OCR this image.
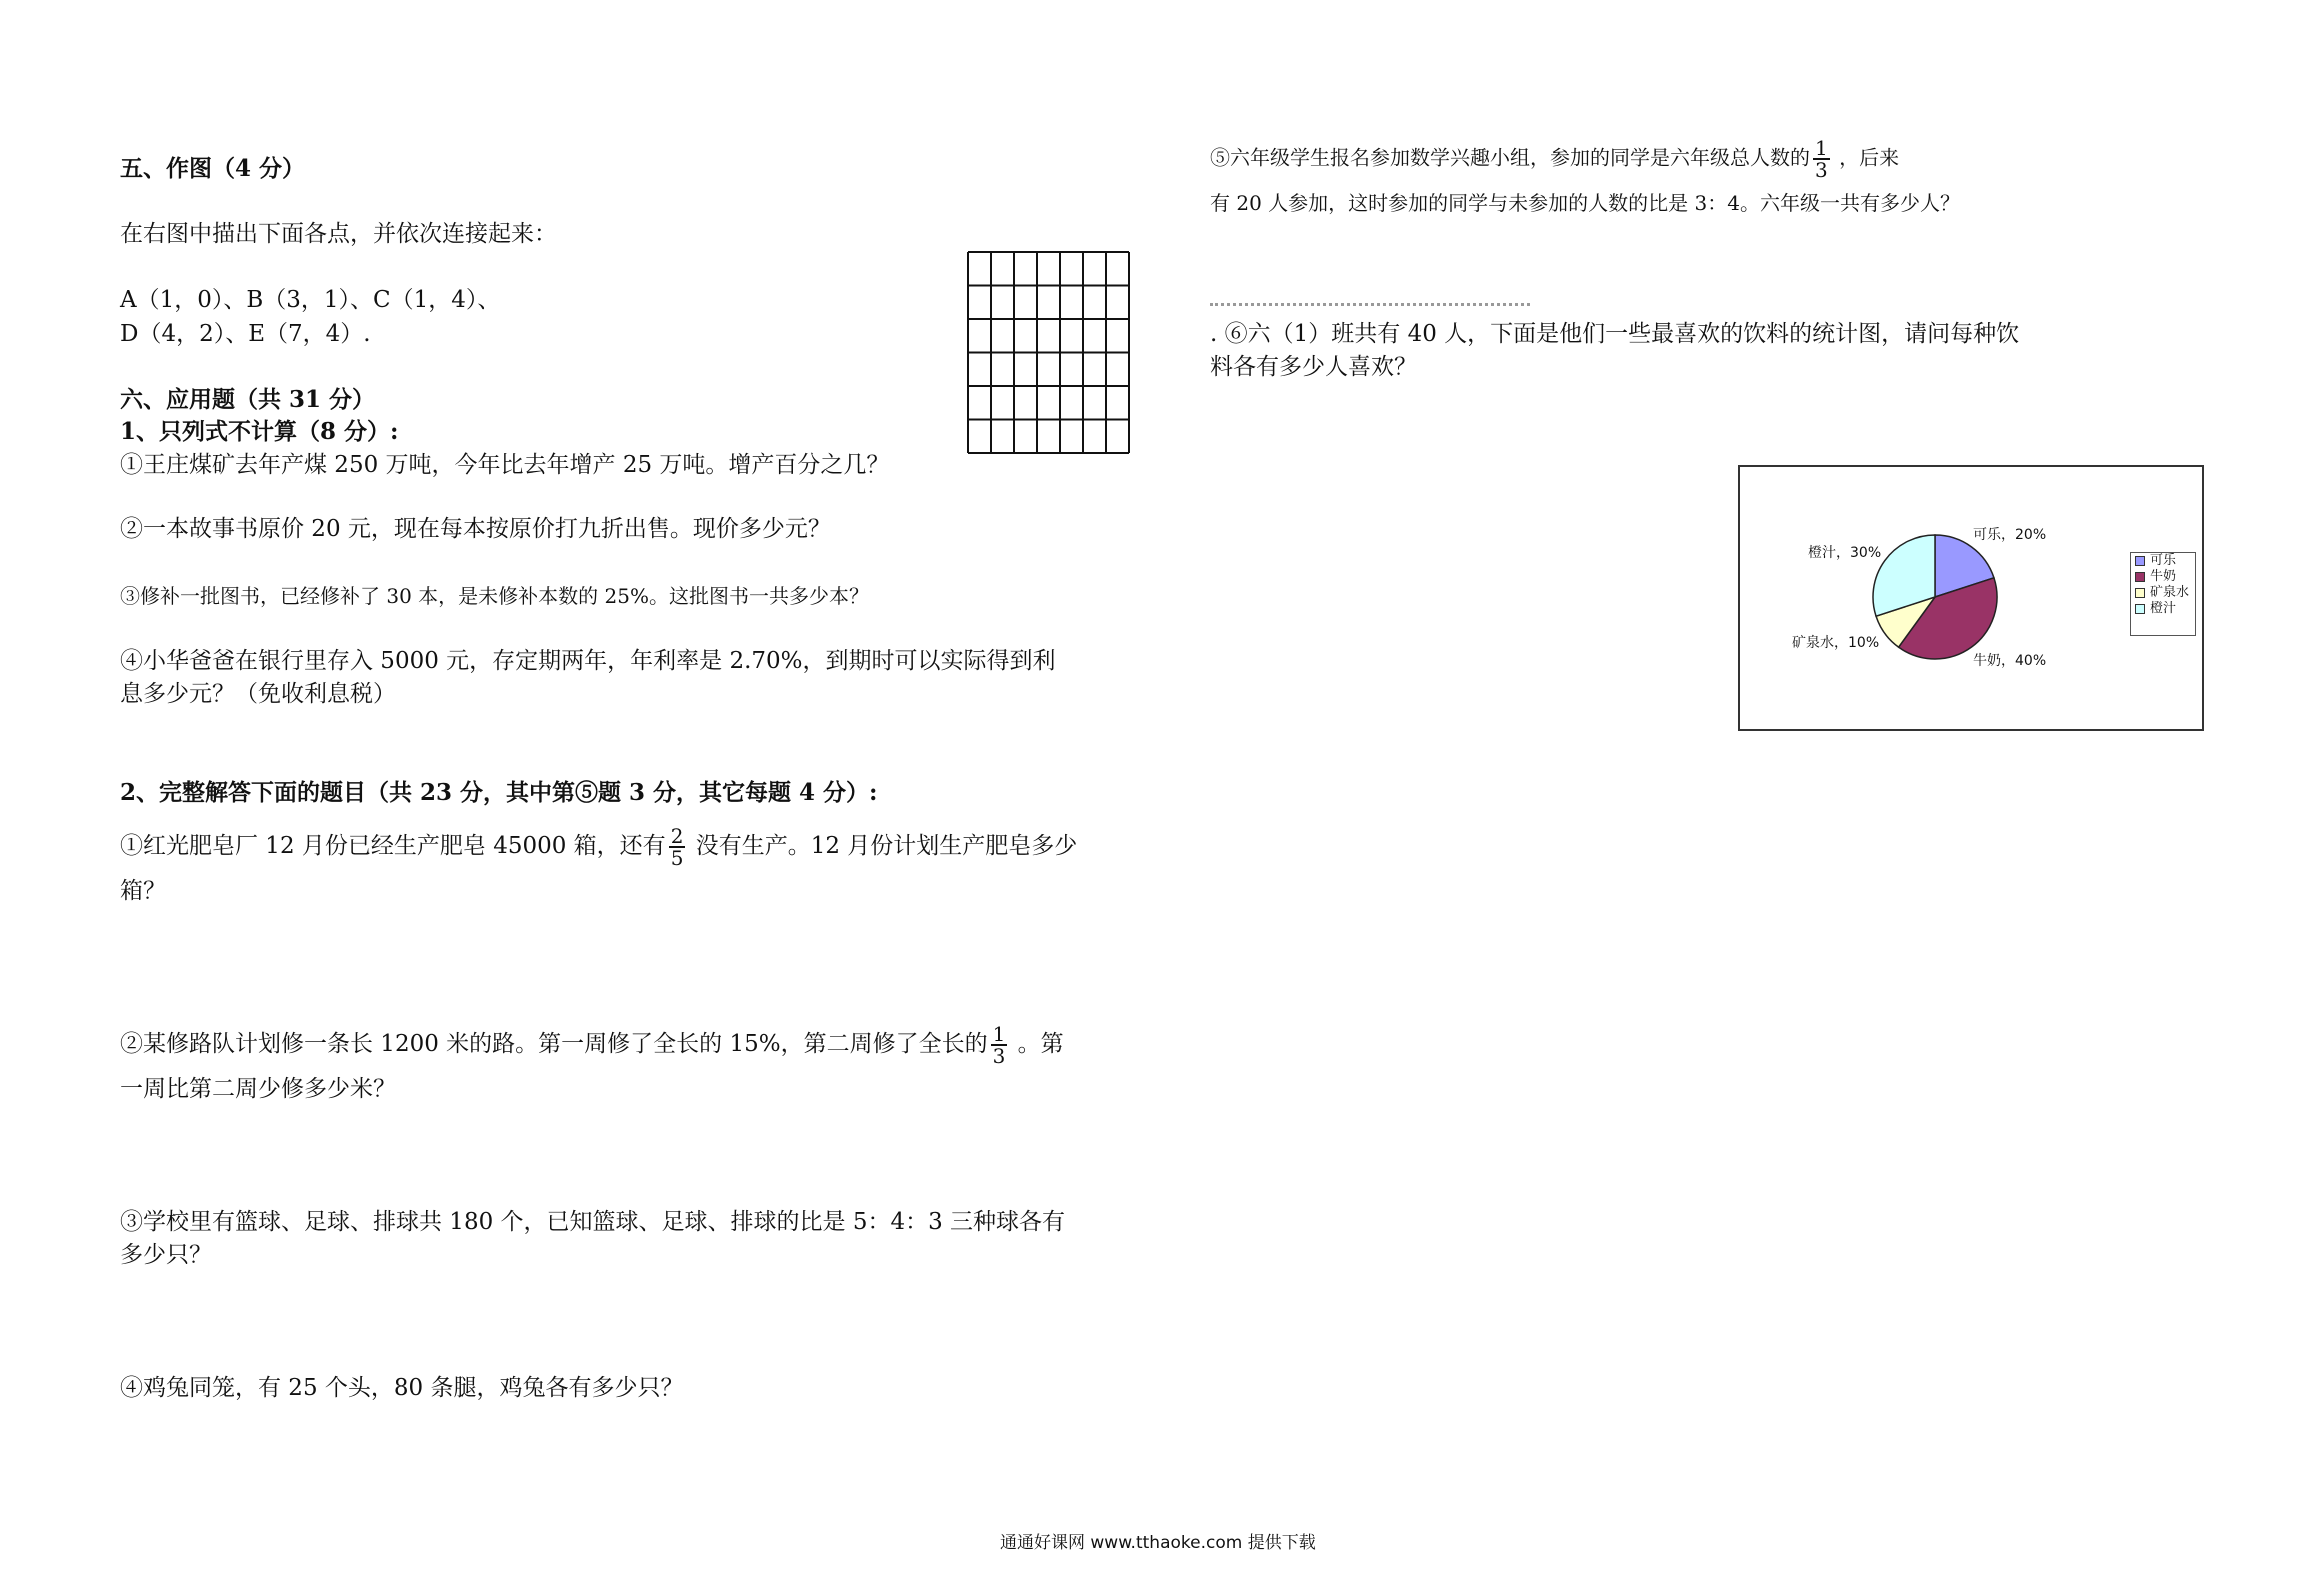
五、作图（4 分）
在右图中描出下面各点，并依次连接起来：
A（1，0）、B（3，1）、C（1，4）、
D（4，2）、E（7，4）.
六、应用题（共 31 分）
1、只列式不计算（8 分）:
①王庄煤矿去年产煤 250 万吨，今年比去年增产 25 万吨。增产百分之几？
②一本故事书原价 20 元，现在每本按原价打九折出售。现价多少元？
③修补一批图书，已经修补了 30 本，是未修补本数的 25%。这批图书一共多少本？
④小华爸爸在银行里存入 5000 元，存定期两年，年利率是 2.70%，到期时可以实际得到利
息多少元？（免收利息税）
2、完整解答下面的题目（共 23 分，其中第⑤题 3 分，其它每题 4 分）:
①红光肥皂厂 12 月份已经生产肥皂 45000 箱，还有 $\frac{2}{5}$ 没有生产。12 月份计划生产肥皂多少
箱？
②某修路队计划修一条长 1200 米的路。第一周修了全长的 15%，第二周修了全长的 $\frac{1}{3}$ 。第
一周比第二周少修多少米？
③学校里有篮球、足球、排球共 180 个，已知篮球、足球、排球的比是 5：4：3 三种球各有
多少只？
④鸡兔同笼，有 25 个头，80 条腿，鸡兔各有多少只？
⑤六年级学生报名参加数学兴趣小组，参加的同学是六年级总人数的 $\frac{1}{3}$ ，后来
有 20 人参加，这时参加的同学与未参加的人数的比是 3：4。六年级一共有多少人？
. ⑥六（1）班共有 40 人，下面是他们一些最喜欢的饮料的统计图，请问每种饮
料各有多少人喜欢？
可乐，20%
牛奶，40%
矿泉水，10%
橙汁，30%	可乐
牛奶
矿泉水
橙汁
通通好课网 www.tthaoke.com 提供下载
